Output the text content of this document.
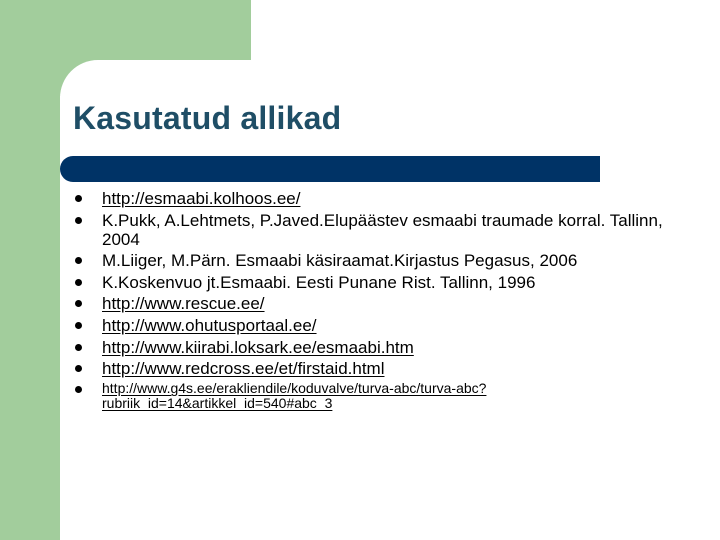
Kasutatud allikad
http://esmaabi.kolhoos.ee/
K.Pukk, A.Lehtmets, P.Javed.Elupäästev esmaabi traumade korral. Tallinn, 2004
M.Liiger, M.Pärn. Esmaabi käsiraamat.Kirjastus Pegasus, 2006
K.Koskenvuo jt.Esmaabi. Eesti Punane Rist. Tallinn, 1996
http://www.rescue.ee/
http://www.ohutusportaal.ee/
http://www.kiirabi.loksark.ee/esmaabi.htm
http://www.redcross.ee/et/firstaid.html
http://www.g4s.ee/erakliendile/koduvalve/turva-abc/turva-abc?rubriik_id=14&artikkel_id=540#abc_3
